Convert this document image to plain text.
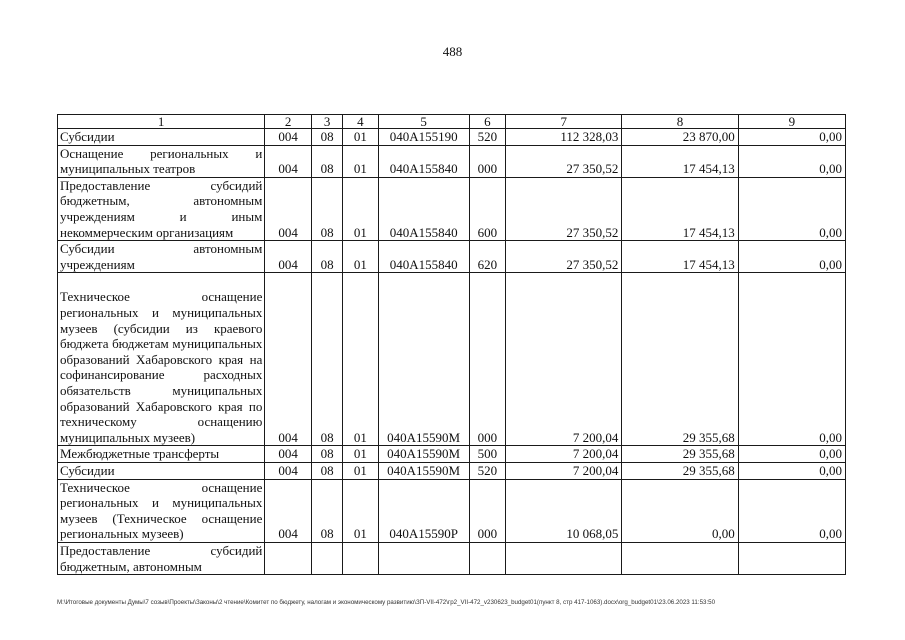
488
1	2	3	4	5	6	7	8	9
Субсидии	004	08	01	040А155190	520	112 328,03	23 870,00	0,00
Оснащение региональных и муниципальных театров	004	08	01	040А155840	000	27 350,52	17 454,13	0,00
Предоставление субсидий бюджетным, автономным учреждениям и иным некоммерческим организациям	004	08	01	040А155840	600	27 350,52	17 454,13	0,00
Субсидии автономным учреждениям	004	08	01	040А155840	620	27 350,52	17 454,13	0,00
Техническое оснащение региональных и муниципальных музеев (субсидии из краевого бюджета бюджетам муниципальных образований Хабаровского края на софинансирование расходных обязательств муниципальных образований Хабаровского края по техническому оснащению муниципальных музеев)	004	08	01	040А15590М	000	7 200,04	29 355,68	0,00
Межбюджетные трансферты	004	08	01	040А15590М	500	7 200,04	29 355,68	0,00
Субсидии	004	08	01	040А15590М	520	7 200,04	29 355,68	0,00
Техническое оснащение региональных и муниципальных музеев (Техническое оснащение региональных музеев)	004	08	01	040А15590Р	000	10 068,05	0,00	0,00
Предоставление субсидий бюджетным, автономным								
М:\Итоговые документы Думы\7 созыв\Проекты\Законы\2 чтение\Комитет по бюджету, налогам и экономическому развитию\ЗП-VII-472\гр2_VII-472_v230623_budget01(пункт 8, стр 417-1063).docx\org_budget01\23.06.2023 11:53:50
